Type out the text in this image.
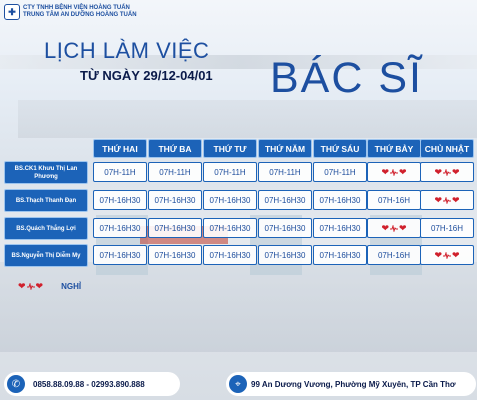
✚	CTY TNHH BỆNH VIỆN HOÀNG TUẤN
TRUNG TÂM AN DƯỠNG HOÀNG TUẤN
LỊCH LÀM VIỆC
TỪ NGÀY 29/12-04/01 BÁC SĨ
THỨ HAI	THỨ BA	THỨ TƯ	THỨ NĂM	THỨ SÁU	THỨ BẢY	CHỦ NHẬT
BS.CK1 Khưu Thị Lan Phương	07H-11H	07H-11H	07H-11H	07H-11H	07H-11H	❤ ❤	❤ ❤
BS.Thạch Thanh Đạn	07H-16H30	07H-16H30	07H-16H30	07H-16H30	07H-16H30	07H-16H	❤ ❤
BS.Quách Thắng Lợi	07H-16H30	07H-16H30	07H-16H30	07H-16H30	07H-16H30	❤ ❤	07H-16H
BS.Nguyễn Thị Diễm My	07H-16H30	07H-16H30	07H-16H30	07H-16H30	07H-16H30	07H-16H	❤ ❤
❤ ❤ NGHỈ
✆	0858.88.09.88 - 02993.890.888	⌖	99 An Dương Vương, Phường Mỹ Xuyên, TP Cần Thơ
